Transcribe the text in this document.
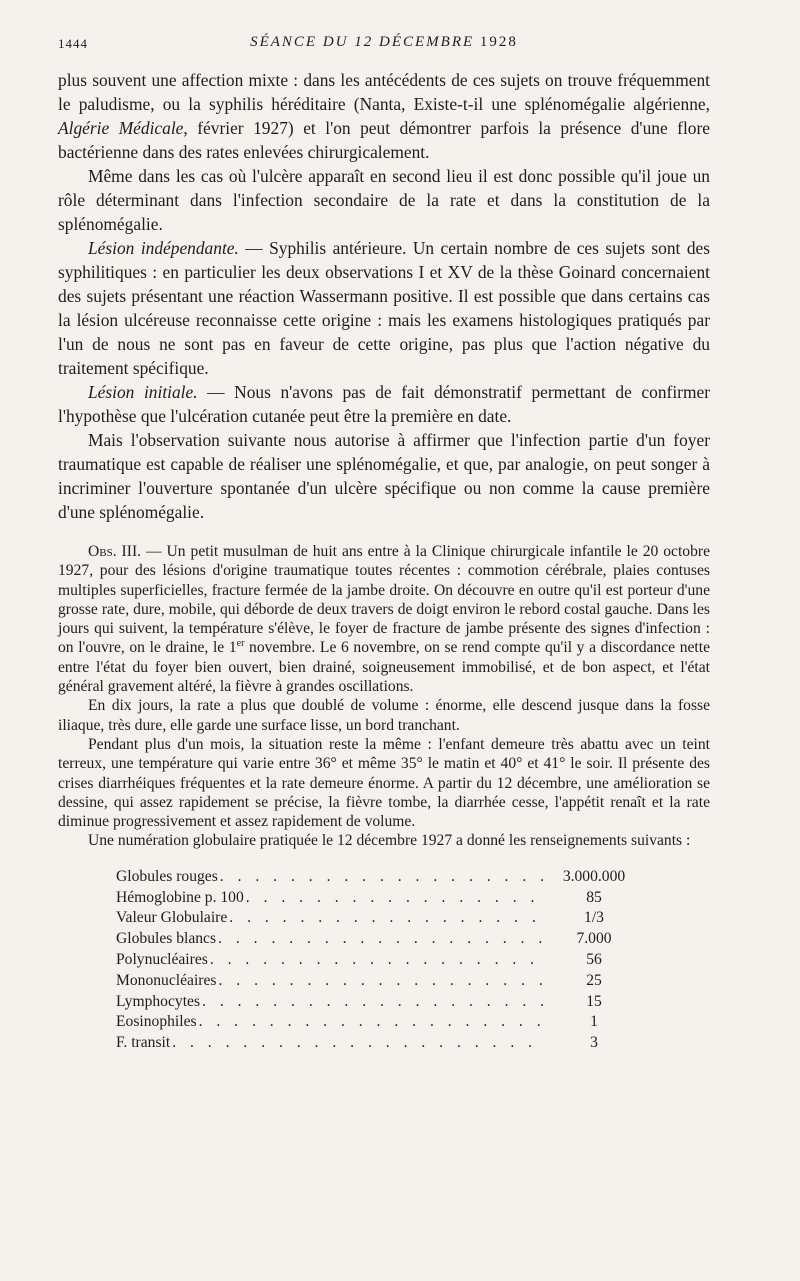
1444	SÉANCE DU 12 DÉCEMBRE 1928

plus souvent une affection mixte : dans les antécédents de ces sujets on trouve fréquemment le paludisme, ou la syphilis héréditaire (Nanta, Existe-t-il une splénomégalie algérienne, Algérie Médicale, février 1927) et l'on peut démontrer parfois la présence d'une flore bactérienne dans des rates enlevées chirurgicalement.

Même dans les cas où l'ulcère apparaît en second lieu il est donc possible qu'il joue un rôle déterminant dans l'infection secondaire de la rate et dans la constitution de la splénomégalie.

Lésion indépendante. — Syphilis antérieure. Un certain nombre de ces sujets sont des syphilitiques : en particulier les deux observations I et XV de la thèse Goinard concernaient des sujets présentant une réaction Wassermann positive. Il est possible que dans certains cas la lésion ulcéreuse reconnaisse cette origine : mais les examens histologiques pratiqués par l'un de nous ne sont pas en faveur de cette origine, pas plus que l'action négative du traitement spécifique.

Lésion initiale. — Nous n'avons pas de fait démonstratif permettant de confirmer l'hypothèse que l'ulcération cutanée peut être la première en date.

Mais l'observation suivante nous autorise à affirmer que l'infection partie d'un foyer traumatique est capable de réaliser une splénomégalie, et que, par analogie, on peut songer à incriminer l'ouverture spontanée d'un ulcère spécifique ou non comme la cause première d'une splénomégalie.

Obs. III. — Un petit musulman de huit ans entre à la Clinique chirurgicale infantile le 20 octobre 1927, pour des lésions d'origine traumatique toutes récentes : commotion cérébrale, plaies contuses multiples superficielles, fracture fermée de la jambe droite. On découvre en outre qu'il est porteur d'une grosse rate, dure, mobile, qui déborde de deux travers de doigt environ le rebord costal gauche. Dans les jours qui suivent, la température s'élève, le foyer de fracture de jambe présente des signes d'infection : on l'ouvre, on le draine, le 1er novembre. Le 6 novembre, on se rend compte qu'il y a discordance nette entre l'état du foyer bien ouvert, bien drainé, soigneusement immobilisé, et de bon aspect, et l'état général gravement altéré, la fièvre à grandes oscillations.

En dix jours, la rate a plus que doublé de volume : énorme, elle descend jusque dans la fosse iliaque, très dure, elle garde une surface lisse, un bord tranchant.

Pendant plus d'un mois, la situation reste la même : l'enfant demeure très abattu avec un teint terreux, une température qui varie entre 36° et même 35° le matin et 40° et 41° le soir. Il présente des crises diarrhéiques fréquentes et la rate demeure énorme. A partir du 12 décembre, une amélioration se dessine, qui assez rapidement se précise, la fièvre tombe, la diarrhée cesse, l'appétit renaît et la rate diminue progressivement et assez rapidement de volume.

Une numération globulaire pratiquée le 12 décembre 1927 a donné les renseignements suivants :

Globules rouges . . .	3.000.000
Hémoglobine p. 100 . . .	85
Valeur Globulaire . . .	1/3
Globules blancs . . .	7.000
Polynucléaires . . .	56
Mononucléaires . . .	25
Lymphocytes . . .	15
Eosinophiles . . .	1
F. transit . . .	3
